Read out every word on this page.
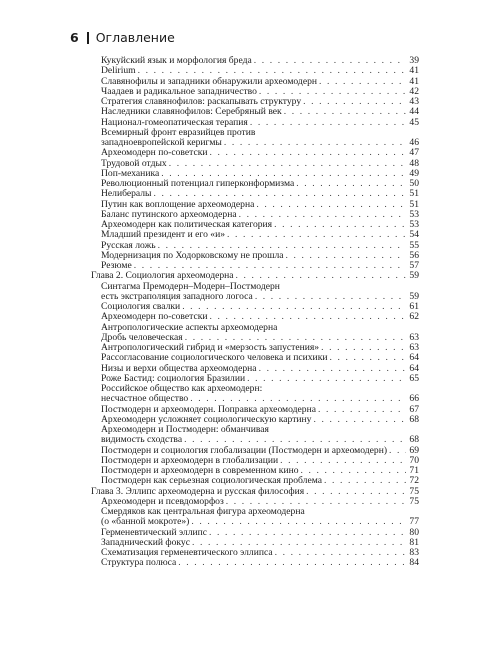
6 Оглавление
Кукуйский язык и морфология бреда . . .	39
Delirium . . .	41
Славянофилы и западники обнаружили археомодерн . . .	41
Чаадаев и радикальное западничество . . .	42
Стратегия славянофилов: раскапывать структуру . . .	43
Наследники славянофилов: Серебряный век . . .	44
Национал-гомеопатическая терапия . . .	45
Всемирный фронт евразийцев против
западноевропейской керигмы . . .	46
Археомодерн по-советски . . .	47
Трудовой отдых . . .	48
Поп-механика . . .	49
Революционный потенциал гиперконформизма . . .	50
Нелибералы . . .	51
Путин как воплощение археомодерна . . .	51
Баланс путинского археомодерна . . .	53
Археомодерн как политическая категория . . .	53
Младший президент и его «и» . . .	54
Русская ложь . . .	55
Модернизация по Ходорковскому не прошла . . .	56
Резюме . . .	57
Глава 2. Социология археомодерна . . .	59
Синтагма Премодерн–Модерн–Постмодерн
есть экстраполяция западного логоса . . .	59
Социология свалки . . .	61
Археомодерн по-советски . . .	62
Антропологические аспекты археомодерна
Дробь человеческая . . .	63
Антропологический гибрид и «мерзость запустения» . . .	63
Рассогласование социологического человека и психики . . .	64
Низы и верхи общества археомодерна . . .	64
Роже Бастид: социология Бразилии . . .	65
Российское общество как археомодерн:
несчастное общество . . .	66
Постмодерн и археомодерн. Поправка археомодерна . . .	67
Археомодерн усложняет социологическую картину . . .	68
Археомодерн и Постмодерн: обманчивая
видимость сходства . . .	68
Постмодерн и социология глобализации (Постмодерн и археомодерн) . . . 69
Постмодерн и археомодерн в глобализации . . .	70
Постмодерн и археомодерн в современном кино . . .	71
Постмодерн как серьезная социологическая проблема . . .	72
Глава 3. Эллипс археомодерна и русская философия . . .	75
Археомодерн и псевдоморфоз . . .	75
Смердяков как центральная фигура археомодерна
(о «банной мокроте») . . .	77
Герменевтический эллипс . . .	80
Западнический фокус . . .	81
Схематизация герменевтического эллипса . . .	83
Структура полюса . . .	84
